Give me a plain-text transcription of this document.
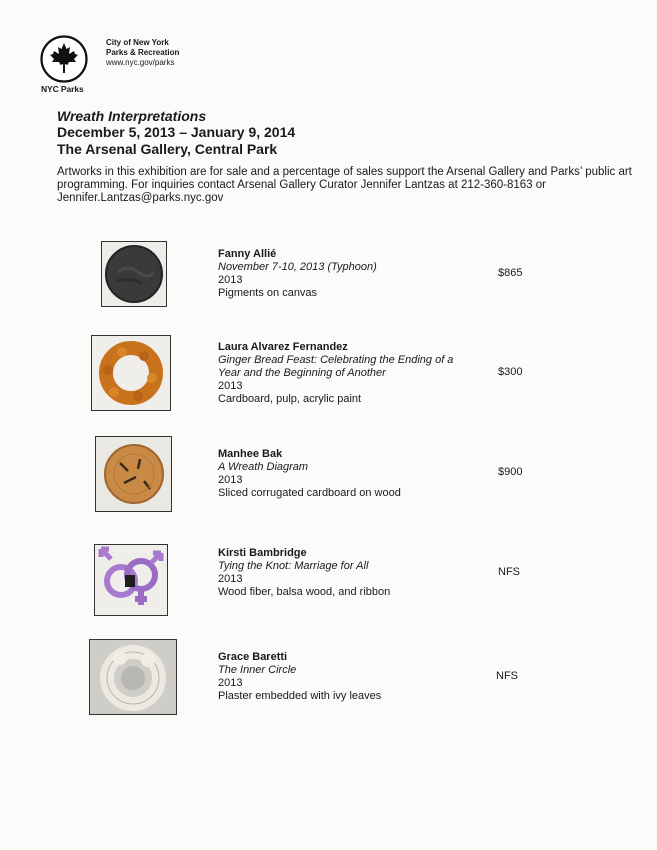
NYC Parks
City of New York
Parks & Recreation
www.nyc.gov/parks
Wreath Interpretations
December 5, 2013 – January 9, 2014
The Arsenal Gallery, Central Park
Artworks in this exhibition are for sale and a percentage of sales support the Arsenal Gallery and Parks’ public art programming. For inquiries contact Arsenal Gallery Curator Jennifer Lantzas at 212-360-8163 or Jennifer.Lantzas@parks.nyc.gov
Fanny Allié
November 7-10, 2013 (Typhoon)
2013
Pigments on canvas
$865
Laura Alvarez Fernandez
Ginger Bread Feast: Celebrating the Ending of a Year and the Beginning of Another
2013
Cardboard, pulp, acrylic paint
$300
Manhee Bak
A Wreath Diagram
2013
Sliced corrugated cardboard on wood
$900
Kirsti Bambridge
Tying the Knot: Marriage for All
2013
Wood fiber, balsa wood, and ribbon
NFS
Grace Baretti
The Inner Circle
2013
Plaster embedded with ivy leaves
NFS
